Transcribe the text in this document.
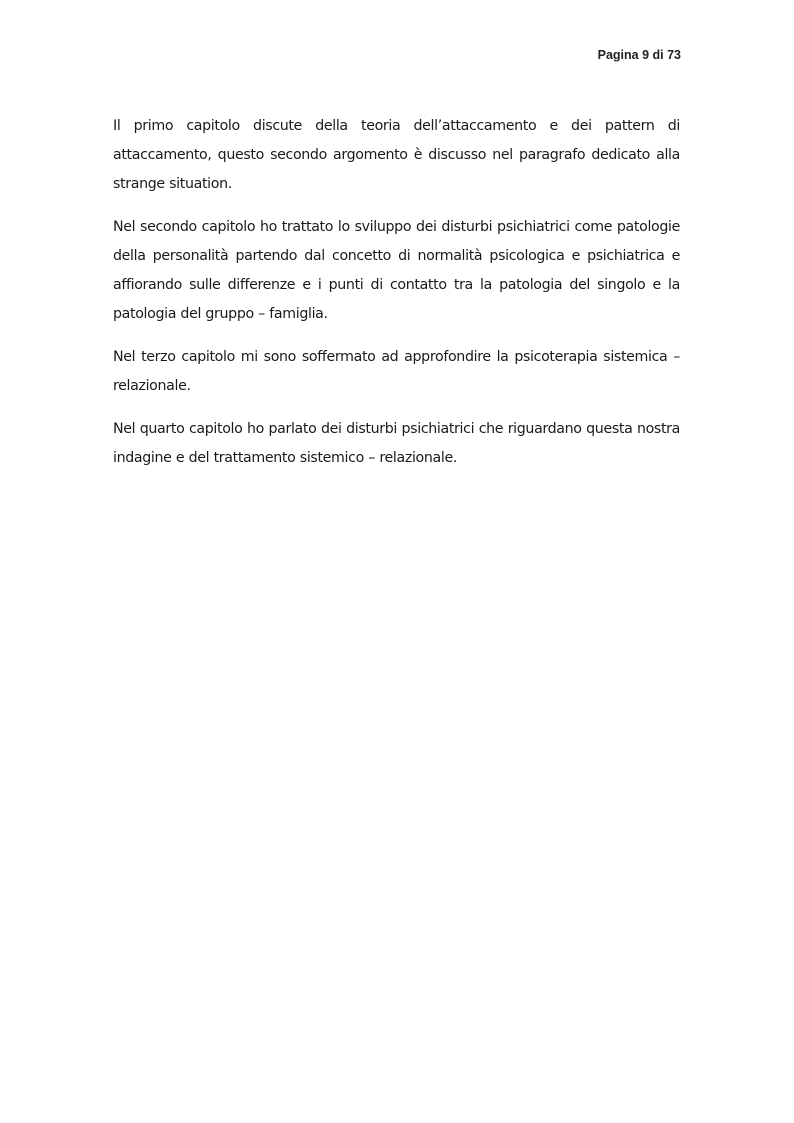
Pagina 9 di 73

Il primo capitolo discute della teoria dell’attaccamento e dei pattern di attaccamento, questo secondo argomento è discusso nel paragrafo dedicato alla strange situation.

Nel secondo capitolo ho trattato lo sviluppo dei disturbi psichiatrici come patologie della personalità partendo dal concetto di normalità psicologica e psichiatrica e affiorando sulle differenze e i punti di contatto tra la patologia del singolo e la patologia del gruppo – famiglia.

Nel terzo capitolo mi sono soffermato ad approfondire la psicoterapia sistemica – relazionale.

Nel quarto capitolo ho parlato dei disturbi psichiatrici che riguardano questa nostra indagine e del trattamento sistemico – relazionale.
